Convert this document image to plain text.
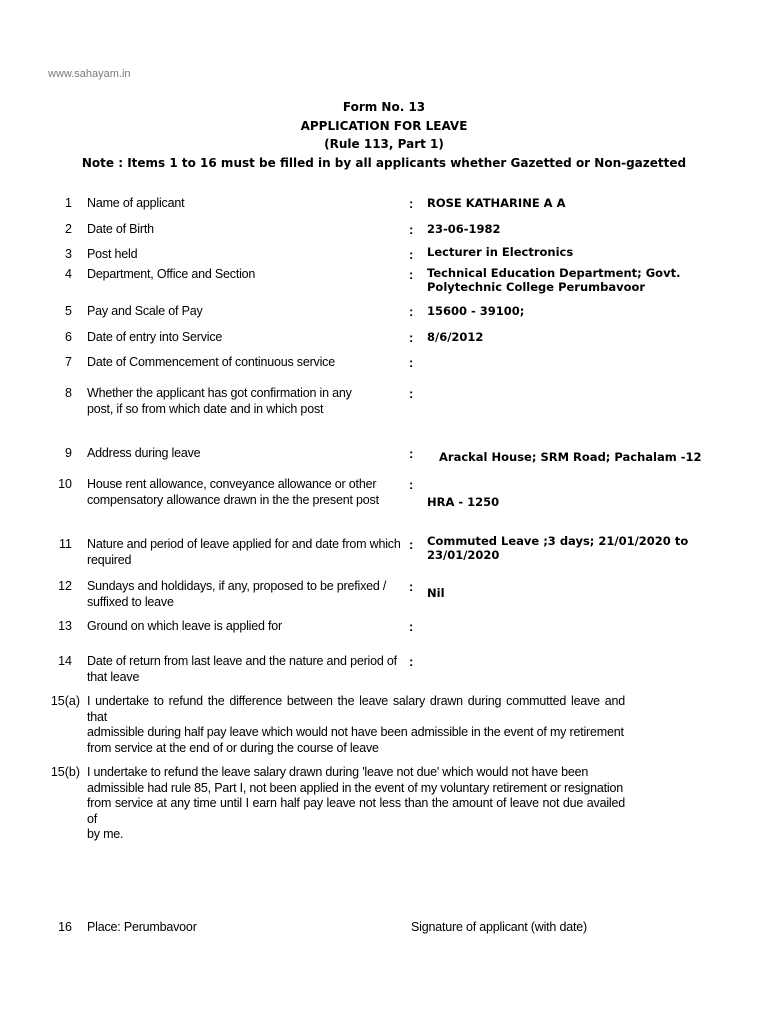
www.sahayam.in
Form No. 13
APPLICATION FOR LEAVE
(Rule 113, Part 1)
Note : Items 1 to 16 must be filled in by all applicants whether Gazetted or Non-gazetted
1 Name of applicant	: ROSE KATHARINE A A
2 Date of Birth	: 23-06-1982
3 Post held	: Lecturer in Electronics
4 Department, Office and Section	: Technical Education Department; Govt.
Polytechnic College Perumbavoor
5 Pay and Scale of Pay	: 15600 - 39100;
6 Date of entry into Service	: 8/6/2012
7 Date of Commencement of continuous service	:
8 Whether the applicant has got confirmation in any
post, if so from which date and in which post
:
9 Address during leave	: Arackal House; SRM Road; Pachalam -12
10 House rent allowance, conveyance allowance or other
compensatory allowance drawn in the the present post
:
HRA - 1250
11 Nature and period of leave applied for and date from which
required
: Commuted Leave ;3 days; 21/01/2020 to
23/01/2020
12 Sundays and holdidays, if any, proposed to be prefixed /
suffixed to leave
: Nil
13 Ground on which leave is applied for	:
14 Date of return from last leave and the nature and period of
that leave
:
15(a) I undertake to refund the difference between the leave salary drawn during commutted leave and that
admissible during half pay leave which would not have been admissible in the event of my retirement
from service at the end of or during the course of leave
15(b) I undertake to refund the leave salary drawn during 'leave not due' which would not have been
admissible had rule 85, Part I, not been applied in the event of my voluntary retirement or resignation
from service at any time until I earn half pay leave not less than the amount of leave not due availed of
by me.
16 Place: Perumbavoor	Signature of applicant (with date)
